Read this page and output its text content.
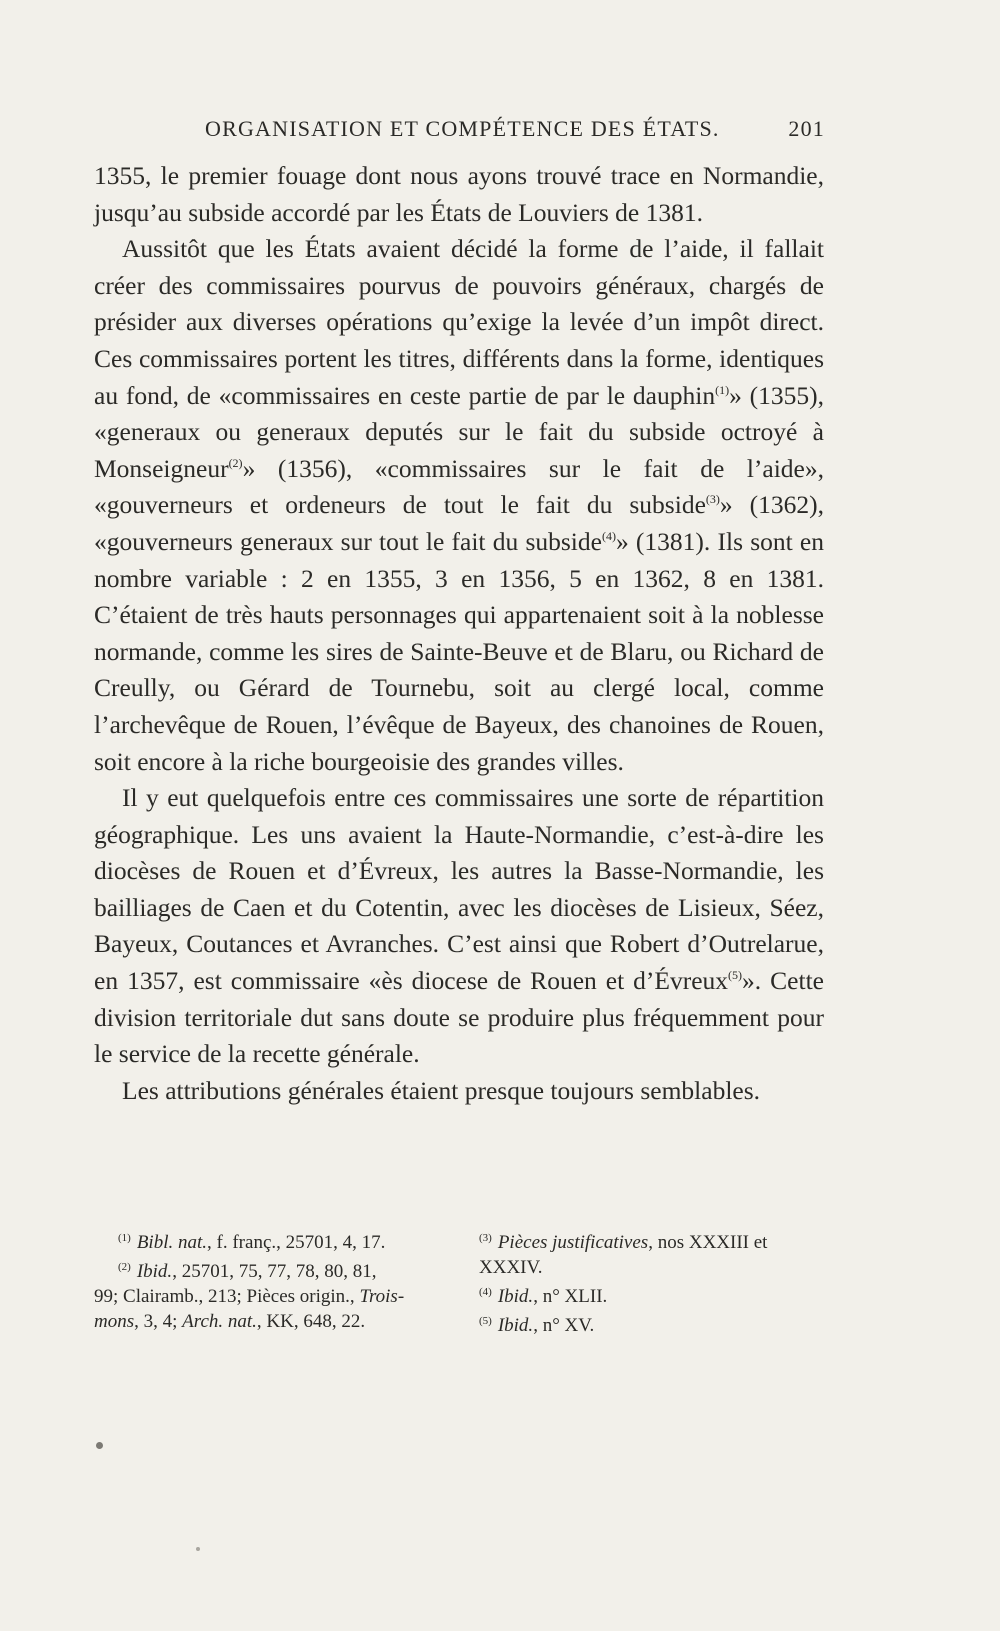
ORGANISATION ET COMPÉTENCE DES ÉTATS.	201

1355, le premier fouage dont nous ayons trouvé trace en Normandie, jusqu’au subside accordé par les États de Louviers de 1381.

Aussitôt que les États avaient décidé la forme de l’aide, il fallait créer des commissaires pourvus de pouvoirs généraux, chargés de présider aux diverses opérations qu’exige la levée d’un impôt direct. Ces commissaires portent les titres, différents dans la forme, identiques au fond, de «commissaires en ceste partie de par le dauphin$^{(1)}$» (1355), «generaux ou generaux deputés sur le fait du subside octroyé à Monseigneur$^{(2)}$» (1356), «commissaires sur le fait de l’aide», «gouverneurs et ordeneurs de tout le fait du subside$^{(3)}$» (1362), «gouverneurs generaux sur tout le fait du subside$^{(4)}$» (1381). Ils sont en nombre variable : 2 en 1355, 3 en 1356, 5 en 1362, 8 en 1381. C’étaient de très hauts personnages qui appartenaient soit à la noblesse normande, comme les sires de Sainte-Beuve et de Blaru, ou Richard de Creully, ou Gérard de Tournebu, soit au clergé local, comme l’archevêque de Rouen, l’évêque de Bayeux, des chanoines de Rouen, soit encore à la riche bourgeoisie des grandes villes.

Il y eut quelquefois entre ces commissaires une sorte de répartition géographique. Les uns avaient la Haute-Normandie, c’est-à-dire les diocèses de Rouen et d’Évreux, les autres la Basse-Normandie, les bailliages de Caen et du Cotentin, avec les diocèses de Lisieux, Séez, Bayeux, Coutances et Avranches. C’est ainsi que Robert d’Outrelarue, en 1357, est commissaire «ès diocese de Rouen et d’Évreux$^{(5)}$». Cette division territoriale dut sans doute se produire plus fréquemment pour le service de la recette générale.

Les attributions générales étaient presque toujours semblables.

$^{(1)}$ Bibl. nat., f. franç., 25701, 4, 17.

$^{(2)}$ Ibid., 25701, 75, 77, 78, 80, 81,

99; Clairamb., 213; Pièces origin., Trois-

mons, 3, 4; Arch. nat., KK, 648, 22.

$^{(3)}$ Pièces justificatives, nos XXXIII et

XXXIV.

$^{(4)}$ Ibid., n° XLII.

$^{(5)}$ Ibid., n° XV.
